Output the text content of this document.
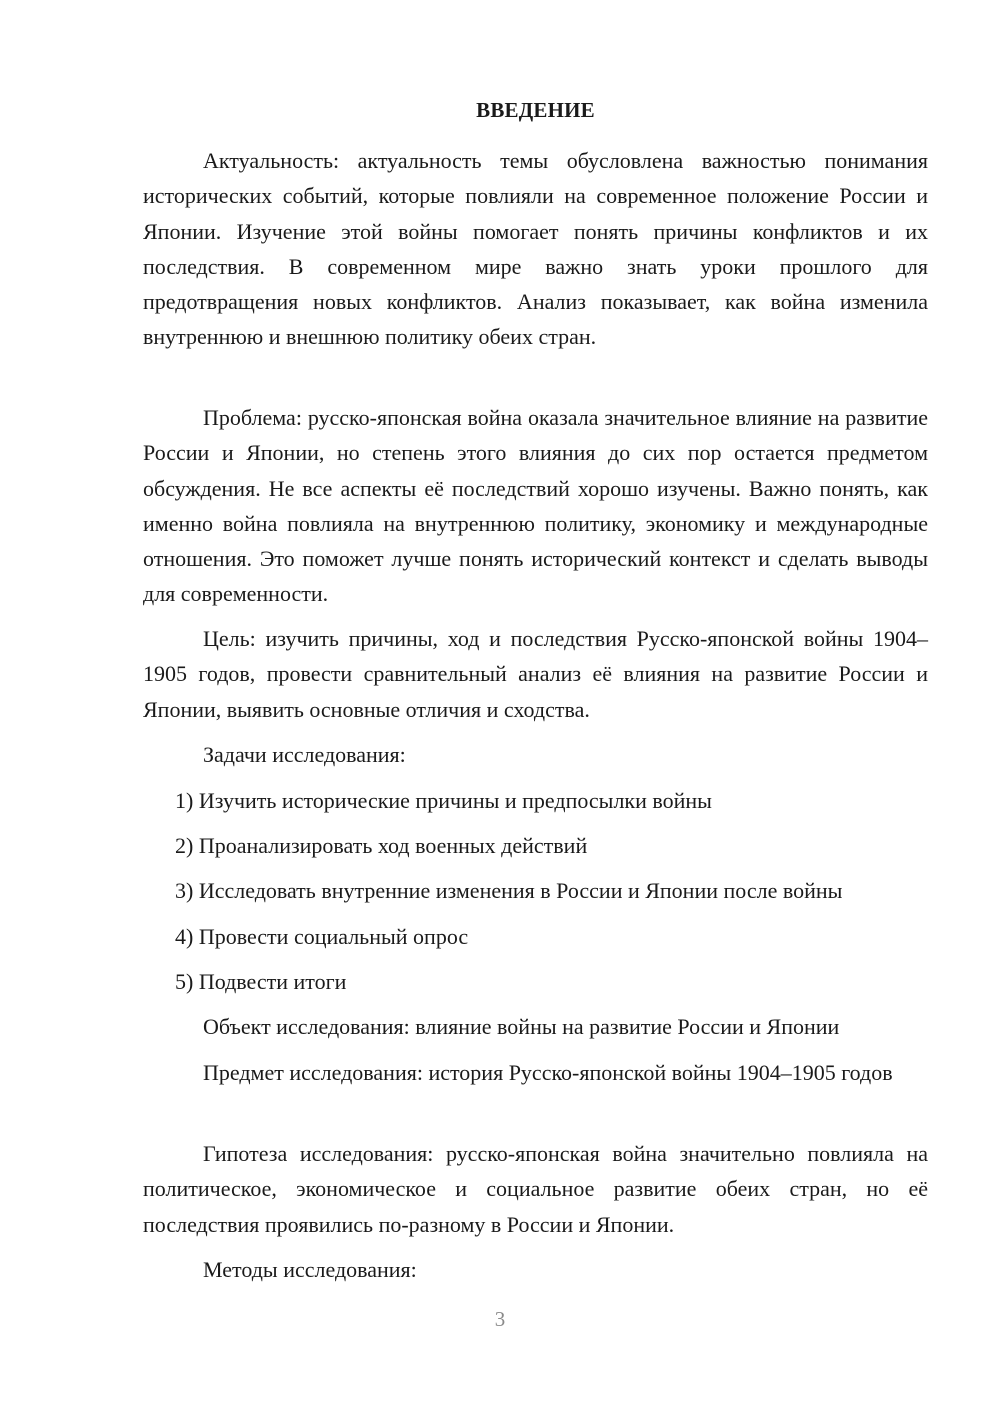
ВВЕДЕНИЕ

Актуальность: актуальность темы обусловлена важностью понимания исторических событий, которые повлияли на современное положение России и Японии. Изучение этой войны помогает понять причины конфликтов и их последствия. В современном мире важно знать уроки прошлого для предотвращения новых конфликтов. Анализ показывает, как война изменила внутреннюю и внешнюю политику обеих стран.

Проблема: русско-японская война оказала значительное влияние на развитие России и Японии, но степень этого влияния до сих пор остается предметом обсуждения. Не все аспекты её последствий хорошо изучены. Важно понять, как именно война повлияла на внутреннюю политику, экономику и международные отношения. Это поможет лучше понять исторический контекст и сделать выводы для современности.

Цель: изучить причины, ход и последствия Русско-японской войны 1904–1905 годов, провести сравнительный анализ её влияния на развитие России и Японии, выявить основные отличия и сходства.

Задачи исследования:

1) Изучить исторические причины и предпосылки войны

2) Проанализировать ход военных действий

3) Исследовать внутренние изменения в России и Японии после войны

4) Провести социальный опрос

5) Подвести итоги

Объект исследования: влияние войны на развитие России и Японии

Предмет исследования: история Русско-японской войны 1904–1905 годов

Гипотеза исследования: русско-японская война значительно повлияла на политическое, экономическое и социальное развитие обеих стран, но её последствия проявились по-разному в России и Японии.

Методы исследования:

3
